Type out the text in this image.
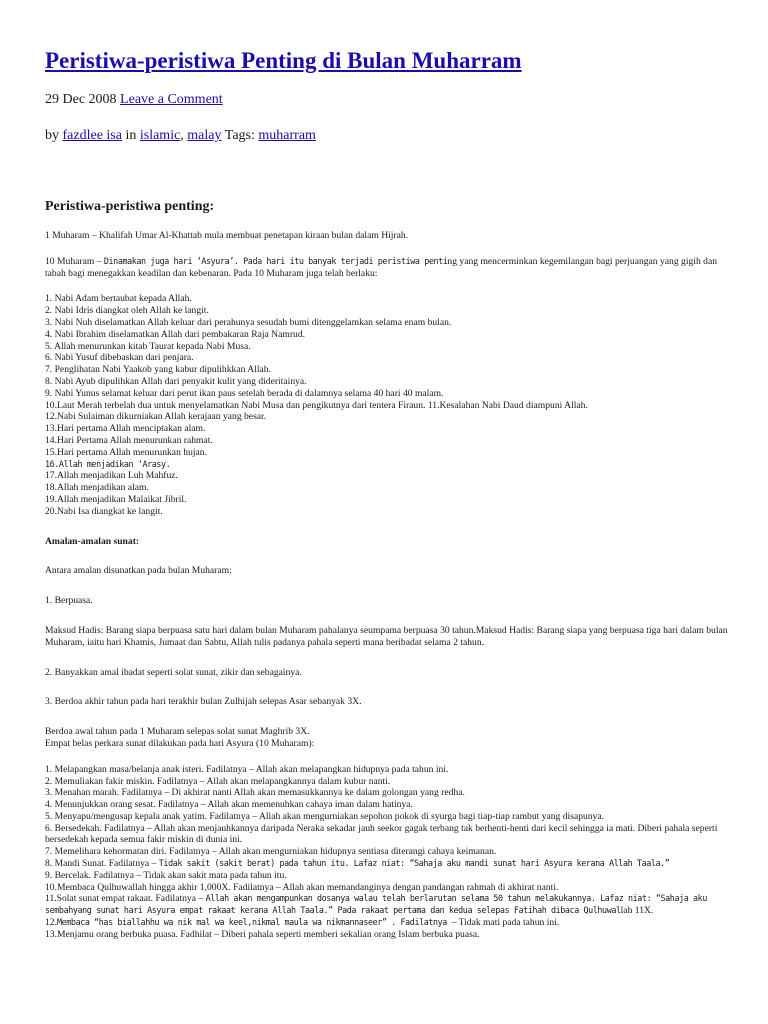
Peristiwa-peristiwa Penting di Bulan Muharram
29 Dec 2008 Leave a Comment
by fazdlee isa in islamic, malay Tags: muharram
Peristiwa-peristiwa penting:

1 Muharam – Khalifah Umar Al-Khattab mula membuat penetapan kiraan bulan dalam Hijrah.

10 Muharam – Dinamakan juga hari ‘Asyura’. Pada hari itu banyak terjadi peristiwa penting yang mencerminkan kegemilangan bagi perjuangan yang gigih dan tabah bagi menegakkan keadilan dan kebenaran. Pada 10 Muharam juga telah berlaku:

1. Nabi Adam bertaubat kepada Allah.
2. Nabi Idris diangkat oleh Allah ke langit.
3. Nabi Nuh diselamatkan Allah keluar dari perahunya sesudah bumi ditenggelamkan selama enam bulan.
4. Nabi Ibrahim diselamatkan Allah dari pembakaran Raja Namrud.
5. Allah menurunkan kitab Taurat kepada Nabi Musa.
6. Nabi Yusuf dibebaskan dari penjara.
7. Penglihatan Nabi Yaakob yang kabur dipulihkkan Allah.
8. Nabi Ayub dipulihkan Allah dari penyakit kulit yang dideritainya.
9. Nabi Yunus selamat keluar dari perut ikan paus setelah berada di dalamnya selama 40 hari 40 malam.
10.Laut Merah terbelah dua untuk menyelamatkan Nabi Musa dan pengikutnya dari tentera Firaun. 11.Kesalahan Nabi Daud diampuni Allah.
12.Nabi Sulaiman dikurniakan Allah kerajaan yang besar.
13.Hari pertama Allah menciptakan alam.
14.Hari Pertama Allah menurunkan rahmat.
15.Hari pertama Allah menurunkan hujan.
16.Allah menjadikan ‘Arasy.
17.Allah menjadikan Luh Mahfuz.
18.Allah menjadikan alam.
19.Allah menjadikan Malaikat Jibril.
20.Nabi Isa diangkat ke langit.

Amalan-amalan sunat:

Antara amalan disunatkan pada bulan Muharam:

1. Berpuasa.

Maksud Hadis: Barang siapa berpuasa satu hari dalam bulan Muharam pahalanya seumpama berpuasa 30 tahun.Maksud Hadis: Barang siapa yang berpuasa tiga hari dalam bulan Muharam, iaitu hari Khamis, Jumaat dan Sabtu, Allah tulis padanya pahala seperti mana beribadat selama 2 tahun.

2. Banyakkan amal ibadat seperti solat sunat, zikir dan sebagainya.

3. Berdoa akhir tahun pada hari terakhir bulan Zulhijah selepas Asar sebanyak 3X.

Berdoa awal tahun pada 1 Muharam selepas solat sunat Maghrib 3X.

Empat belas perkara sunat dilakukan pada hari Asyura (10 Muharam):

1. Melapangkan masa/belanja anak isteri. Fadilatnya – Allah akan melapangkan hidupnya pada tahun ini.
2. Memuliakan fakir miskin. Fadilatnya – Allah akan melapangkannya dalam kubur nanti.
3. Menahan marah. Fadilatnya – Di akhirat nanti Allah akan memasukkannya ke dalam golongan yang redha.
4. Menunjukkan orang sesat. Fadilatnya – Allah akan memenuhkan cahaya iman dalam hatinya.
5. Menyapu/mengusap kepala anak yatim. Fadilatnya – Allah akan mengurniakan sepohon pokok di syurga bagi tiap-tiap rambut yang disapunya.
6. Bersedekah. Fadilatnya – Allah akan menjauhkannya daripada Neraka sekadar jauh seekor gagak terbang tak berhenti-henti dari kecil sehingga ia mati. Diberi pahala seperti bersedekah kepada semua fakir miskin di dunia ini.
7. Memelihara kehormatan diri. Fadilatnya – Allah akan mengurniakan hidupnya sentiasa diterangi cahaya keimanan.
8. Mandi Sunat. Fadilatnya – Tidak sakit (sakit berat) pada tahun itu. Lafaz niat: “Sahaja aku mandi sunat hari Asyura kerana Allah Taala.”
9. Bercelak. Fadilatnya – Tidak akan sakit mata pada tahun itu.
10.Membaca Qulhuwallah hingga akhir 1,000X. Fadilatnya – Allah akan memandanginya dengan pandangan rahmah di akhirat nanti.
11.Solat sunat empat rakaat. Fadilatnya – Allah akan mengampunkan dosanya walau telah berlarutan selama 50 tahun melakukannya. Lafaz niat: “Sahaja aku sembahyang sunat hari Asyura empat rakaat kerana Allah Taala.” Pada rakaat pertama dan kedua selepas Fatihah dibaca Qulhuwallah 11X.
12.Membaca “has biallahhu wa nik mal wa keel,nikmal maula wa nikmannaseer” . Fadilatnya – Tidak mati pada tahun ini.
13.Menjamu orang berbuka puasa. Fadhilat – Diberi pahala seperti memberi sekalian orang Islam berbuka puasa.
